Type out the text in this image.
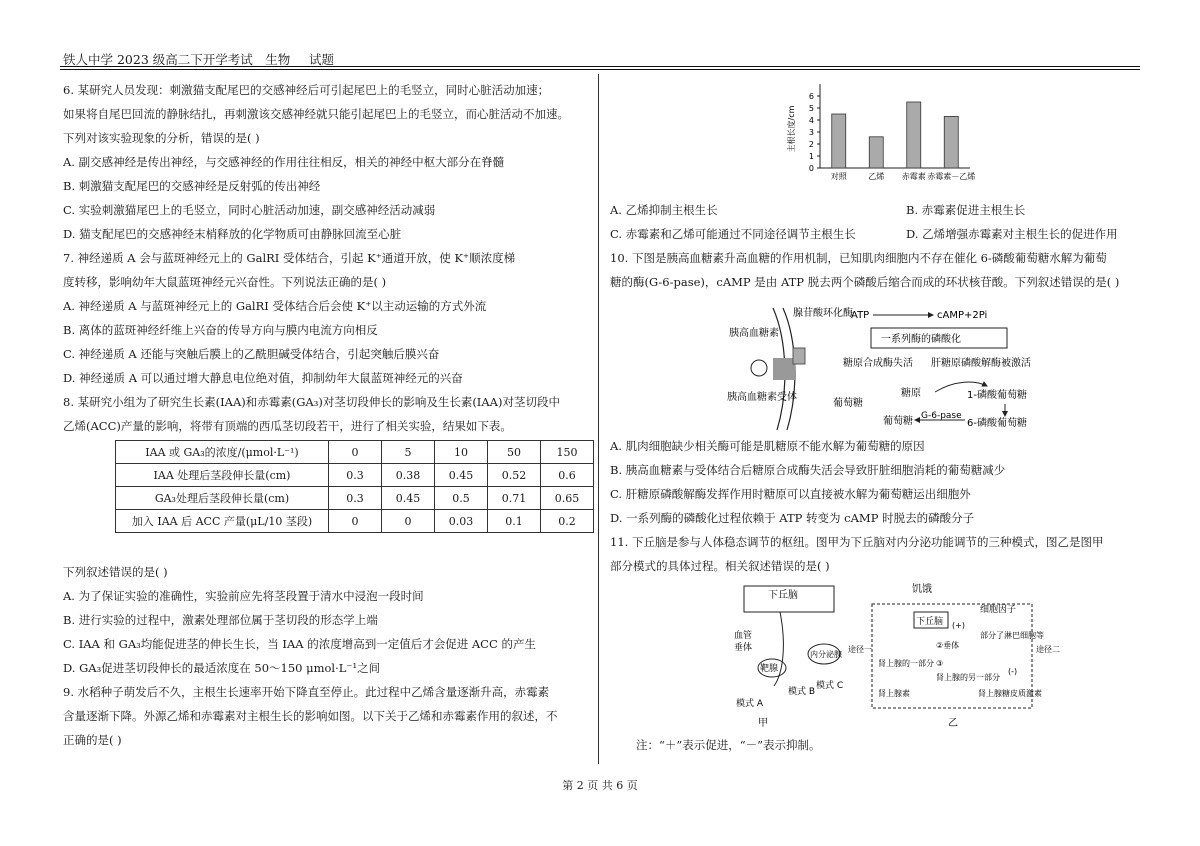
铁人中学 2023 级高二下开学考试__生物___试题
6. 某研究人员发现：刺激猫支配尾巴的交感神经后可引起尾巴上的毛竖立，同时心脏活动加速；
如果将自尾巴回流的静脉结扎，再刺激该交感神经就只能引起尾巴上的毛竖立，而心脏活动不加速。
下列对该实验现象的分析，错误的是( )
A. 副交感神经是传出神经，与交感神经的作用往往相反，相关的神经中枢大部分在脊髓
B. 刺激猫支配尾巴的交感神经是反射弧的传出神经
C. 实验刺激猫尾巴上的毛竖立，同时心脏活动加速，副交感神经活动减弱
D. 猫支配尾巴的交感神经末梢释放的化学物质可由静脉回流至心脏
7. 神经递质 A 会与蓝斑神经元上的 GalRI 受体结合，引起 K⁺通道开放，使 K⁺顺浓度梯
度转移，影响幼年大鼠蓝斑神经元兴奋性。下列说法正确的是( )
A. 神经递质 A 与蓝斑神经元上的 GalRI 受体结合后会使 K⁺以主动运输的方式外流
B. 离体的蓝斑神经纤维上兴奋的传导方向与膜内电流方向相反
C. 神经递质 A 还能与突触后膜上的乙酰胆碱受体结合，引起突触后膜兴奋
D. 神经递质 A 可以通过增大静息电位绝对值，抑制幼年大鼠蓝斑神经元的兴奋
8. 某研究小组为了研究生长素(IAA)和赤霉素(GA₃)对茎切段伸长的影响及生长素(IAA)对茎切段中
乙烯(ACC)产量的影响，将带有顶端的西瓜茎切段若干，进行了相关实验，结果如下表。
IAA 或 GA₃的浓度/(μmol·L⁻¹)	0	5	10	50	150
IAA 处理后茎段伸长量(cm)	0.3	0.38	0.45	0.52	0.6
GA₃处理后茎段伸长量(cm)	0.3	0.45	0.5	0.71	0.65
加入 IAA 后 ACC 产量(μL/10 茎段)	0	0	0.03	0.1	0.2
下列叙述错误的是( )
A. 为了保证实验的准确性，实验前应先将茎段置于清水中浸泡一段时间
B. 进行实验的过程中，激素处理部位属于茎切段的形态学上端
C. IAA 和 GA₃均能促进茎的伸长生长，当 IAA 的浓度增高到一定值后才会促进 ACC 的产生
D. GA₃促进茎切段伸长的最适浓度在 50～150 μmol·L⁻¹之间
9. 水稻种子萌发后不久，主根生长速率开始下降直至停止。此过程中乙烯含量逐渐升高，赤霉素
含量逐渐下降。外源乙烯和赤霉素对主根生长的影响如图。以下关于乙烯和赤霉素作用的叙述，不
正确的是( )
0
1
2
3
4
5
6
主根长度/cm
对照	乙烯 赤霉素 赤霉素－乙烯
A. 乙烯抑制主根生长	B. 赤霉素促进主根生长
C. 赤霉素和乙烯可能通过不同途径调节主根生长	D. 乙烯增强赤霉素对主根生长的促进作用
10. 下图是胰高血糖素升高血糖的作用机制，已知肌肉细胞内不存在催化 6-磷酸葡萄糖水解为葡萄
糖的酶(G-6-pase)，cAMP 是由 ATP 脱去两个磷酸后缩合而成的环状核苷酸。下列叙述错误的是( )
胰高血糖素
胰高血糖素受体
腺苷酸环化酶
ATP	cAMP+2Pi
一系列酶的磷酸化
糖原合成酶失活 肝糖原磷酸解酶被激活
糖原	1-磷酸葡萄糖
6-磷酸葡萄糖
葡萄糖
葡萄糖 G-6-pase
A. 肌肉细胞缺少相关酶可能是肌糖原不能水解为葡萄糖的原因
B. 胰高血糖素与受体结合后糖原合成酶失活会导致肝脏细胞消耗的葡萄糖减少
C. 肝糖原磷酸解酶发挥作用时糖原可以直接被水解为葡萄糖运出细胞外
D. 一系列酶的磷酸化过程依赖于 ATP 转变为 cAMP 时脱去的磷酸分子
11. 下丘脑是参与人体稳态调节的枢纽。图甲为下丘脑对内分泌功能调节的三种模式，图乙是图甲
部分模式的具体过程。相关叙述错误的是( )
下丘脑
血管
垂体
靶腺
内分泌腺
模式 B
模式 C
模式 A
甲
饥饿
下丘脑 (+)
细胞因子
部分了淋巴细胞等
②垂体
③
肾上腺的一部分
肾上腺的另一部分
肾上腺素	肾上腺糖皮质激素
(-)
途径一	途径二
乙
注：“＋”表示促进，“－”表示抑制。
第 2 页 共 6 页
